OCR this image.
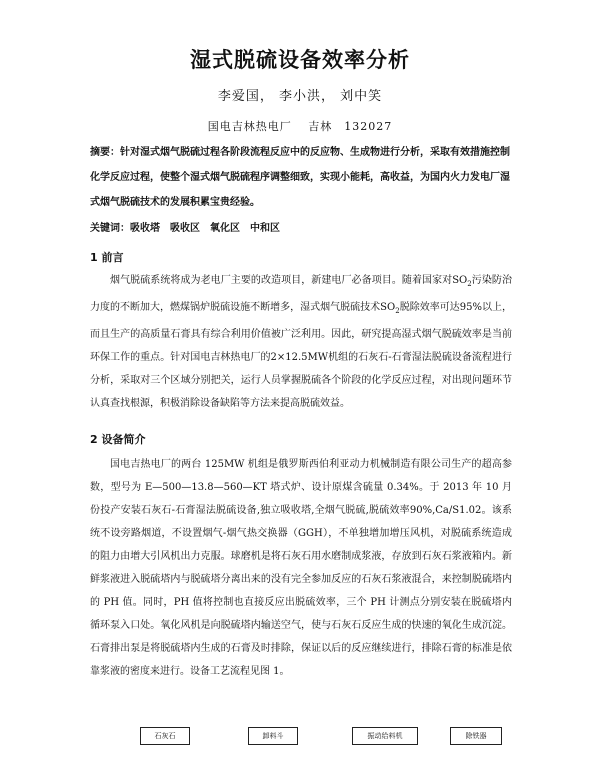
湿式脱硫设备效率分析
李爱国， 李小洪， 刘中笑
国电吉林热电厂　 吉林　132027
摘要：针对湿式烟气脱硫过程各阶段流程反应中的反应物、生成物进行分析，采取有效措施控制化学反应过程，使整个湿式烟气脱硫程序调整细致，实现小能耗，高收益，为国内火力发电厂湿式烟气脱硫技术的发展积累宝贵经验。
关键词：吸收塔　吸收区　氧化区　中和区
1 前言
烟气脱硫系统将成为老电厂主要的改造项目，新建电厂必备项目。随着国家对$SO_2$污染防治力度的不断加大，燃煤锅炉脱硫设施不断增多，湿式烟气脱硫技术$SO_2$脱除效率可达95%以上，而且生产的高质量石膏具有综合利用价值被广泛利用。因此，研究提高湿式烟气脱硫效率是当前环保工作的重点。针对国电吉林热电厂的2×12.5MW机组的石灰石-石膏湿法脱硫设备流程进行分析，采取对三个区域分别把关，运行人员掌握脱硫各个阶段的化学反应过程，对出现问题环节认真查找根源，积极消除设备缺陷等方法来提高脱硫效益。
2 设备简介
国电吉热电厂的两台 125MW 机组是俄罗斯西伯利亚动力机械制造有限公司生产的超高参数，型号为 E—500—13.8—560—KT 塔式炉、设计原煤含硫量 0.34%。于 2013 年 10 月份投产安装石灰石-石膏湿法脱硫设备,独立吸收塔,全烟气脱硫,脱硫效率90%,Ca/S1.02。该系统不设旁路烟道，不设置烟气-烟气热交换器（GGH），不单独增加增压风机，对脱硫系统造成的阻力由增大引风机出力克服。球磨机是将石灰石用水磨制成浆液，存放到石灰石浆液箱内。新鲜浆液进入脱硫塔内与脱硫塔分离出来的没有完全参加反应的石灰石浆液混合，来控制脱硫塔内的 PH 值。同时，PH 值将控制也直接反应出脱硫效率，三个 PH 计测点分别安装在脱硫塔内循环泵入口处。氧化风机是向脱硫塔内输送空气，使与石灰石反应生成的快速的氧化生成沉淀。石膏排出泵是将脱硫塔内生成的石膏及时排除，保证以后的反应继续进行，排除石膏的标准是依靠浆液的密度来进行。设备工艺流程见图 1。
石灰石	卸料斗	振动给料机	除铁器
